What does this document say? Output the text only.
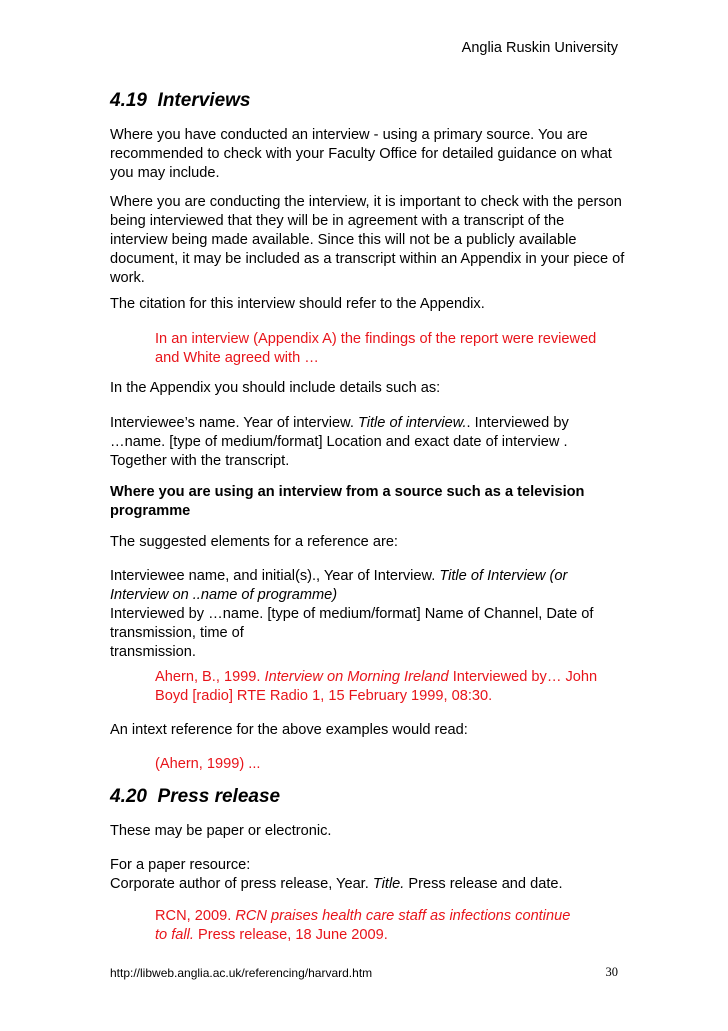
Anglia Ruskin University
4.19 Interviews

Where you have conducted an interview - using a primary source. You are recommended to check with your Faculty Office for detailed guidance on what you may include.

Where you are conducting the interview, it is important to check with the person being interviewed that they will be in agreement with a transcript of the interview being made available. Since this will not be a publicly available document, it may be included as a transcript within an Appendix in your piece of work.

The citation for this interview should refer to the Appendix.

In an interview (Appendix A) the findings of the report were reviewed
and White agreed with …

In the Appendix you should include details such as:

Interviewee’s name. Year of interview. Title of interview.. Interviewed by
…name. [type of medium/format] Location and exact date of interview .
Together with the transcript.
Where you are using an interview from a source such as a television
programme

The suggested elements for a reference are:

Interviewee name, and initial(s)., Year of Interview. Title of Interview (or
Interview on ..name of programme)
Interviewed by …name. [type of medium/format] Name of Channel, Date of
transmission, time of
transmission.
Ahern, B., 1999. Interview on Morning Ireland Interviewed by… John
Boyd [radio] RTE Radio 1, 15 February 1999, 08:30.

An intext reference for the above examples would read:

(Ahern, 1999) ...
4.20 Press release

These may be paper or electronic.

For a paper resource:
Corporate author of press release, Year. Title. Press release and date.
RCN, 2009. RCN praises health care staff as infections continue
to fall. Press release, 18 June 2009.
http://libweb.anglia.ac.uk/referencing/harvard.htm	30
